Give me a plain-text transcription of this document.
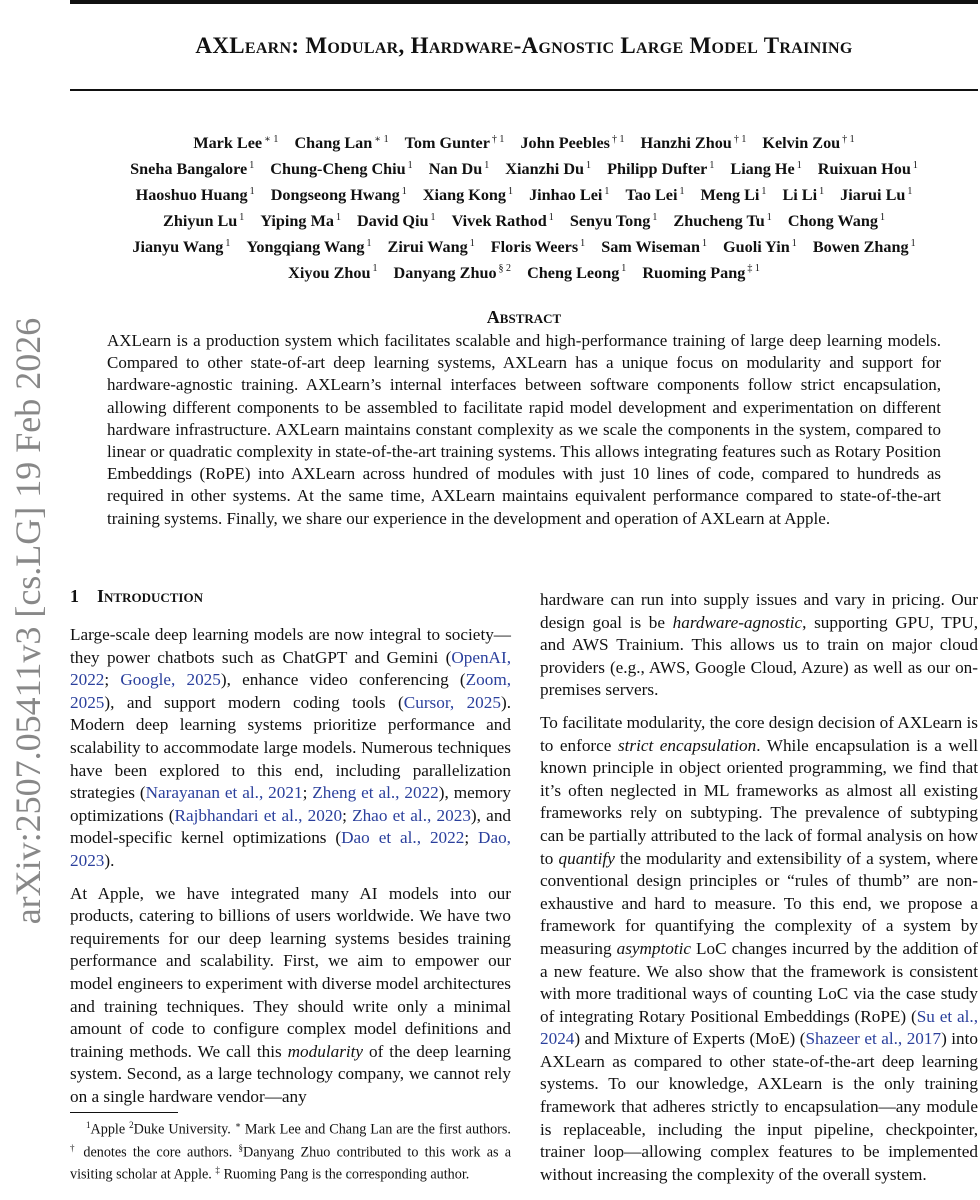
arXiv:2507.05411v3 [cs.LG] 19 Feb 2026
AXLearn: Modular, Hardware-Agnostic Large Model Training
Mark Lee $^{∗ 1}$ Chang Lan $^{∗ 1}$ Tom Gunter $^{\dagger 1}$ John Peebles $^{\dagger 1}$ Hanzhi Zhou $^{\dagger 1}$ Kelvin Zou $^{\dagger 1}$
Sneha Bangalore $^1$ Chung-Cheng Chiu $^1$ Nan Du $^1$ Xianzhi Du $^1$ Philipp Dufter $^1$ Liang He $^1$ Ruixuan Hou $^1$
Haoshuo Huang $^1$ Dongseong Hwang $^1$ Xiang Kong $^1$ Jinhao Lei $^1$ Tao Lei $^1$ Meng Li $^1$ Li Li $^1$ Jiarui Lu $^1$
Zhiyun Lu $^1$ Yiping Ma $^1$ David Qiu $^1$ Vivek Rathod $^1$ Senyu Tong $^1$ Zhucheng Tu $^1$ Chong Wang $^1$
Jianyu Wang $^1$ Yongqiang Wang $^1$ Zirui Wang $^1$ Floris Weers $^1$ Sam Wiseman $^1$ Guoli Yin $^1$ Bowen Zhang $^1$
Xiyou Zhou $^1$ Danyang Zhuo $^{\S 2}$ Cheng Leong $^1$ Ruoming Pang $^{\ddagger 1}$
Abstract
AXLearn is a production system which facilitates scalable and high-performance training of large deep learning models. Compared to other state-of-art deep learning systems, AXLearn has a unique focus on modularity and support for hardware-agnostic training. AXLearn’s internal interfaces between software components follow strict encapsulation, allowing different components to be assembled to facilitate rapid model development and experimentation on different hardware infrastructure. AXLearn maintains constant complexity as we scale the components in the system, compared to linear or quadratic complexity in state-of-the-art training systems. This allows integrating features such as Rotary Position Embeddings (RoPE) into AXLearn across hundred of modules with just 10 lines of code, compared to hundreds as required in other systems. At the same time, AXLearn maintains equivalent performance compared to state-of-the-art training systems. Finally, we share our experience in the development and operation of AXLearn at Apple.
1 Introduction

Large-scale deep learning models are now integral to society—they power chatbots such as ChatGPT and Gemini (OpenAI, 2022; Google, 2025), enhance video conferencing (Zoom, 2025), and support modern coding tools (Cursor, 2025). Modern deep learning systems prioritize performance and scalability to accommodate large models. Numerous techniques have been explored to this end, including parallelization strategies (Narayanan et al., 2021; Zheng et al., 2022), memory optimizations (Rajbhandari et al., 2020; Zhao et al., 2023), and model-specific kernel optimizations (Dao et al., 2022; Dao, 2023).

At Apple, we have integrated many AI models into our products, catering to billions of users worldwide. We have two requirements for our deep learning systems besides training performance and scalability. First, we aim to empower our model engineers to experiment with diverse model architectures and training techniques. They should write only a minimal amount of code to configure complex model definitions and training methods. We call this modularity of the deep learning system. Second, as a large technology company, we cannot rely on a single hardware vendor—any

hardware can run into supply issues and vary in pricing. Our design goal is be hardware-agnostic, supporting GPU, TPU, and AWS Trainium. This allows us to train on major cloud providers (e.g., AWS, Google Cloud, Azure) as well as our on-premises servers.

To facilitate modularity, the core design decision of AXLearn is to enforce strict encapsulation. While encapsulation is a well known principle in object oriented programming, we find that it’s often neglected in ML frameworks as almost all existing frameworks rely on subtyping. The prevalence of subtyping can be partially attributed to the lack of formal analysis on how to quantify the modularity and extensibility of a system, where conventional design principles or “rules of thumb” are non-exhaustive and hard to measure. To this end, we propose a framework for quantifying the complexity of a system by measuring asymptotic LoC changes incurred by the addition of a new feature. We also show that the framework is consistent with more traditional ways of counting LoC via the case study of integrating Rotary Positional Embeddings (RoPE) (Su et al., 2024) and Mixture of Experts (MoE) (Shazeer et al., 2017) into AXLearn as compared to other state-of-the-art deep learning systems. To our knowledge, AXLearn is the only training framework that adheres strictly to encapsulation—any module is replaceable, including the input pipeline, checkpointer, trainer loop—allowing complex features to be implemented without increasing the complexity of the overall system.

$^1$Apple $^2$Duke University. ∗ Mark Lee and Chang Lan are the first authors. † denotes the core authors. §Danyang Zhuo contributed to this work as a visiting scholar at Apple. ‡ Ruoming Pang is the corresponding author.
